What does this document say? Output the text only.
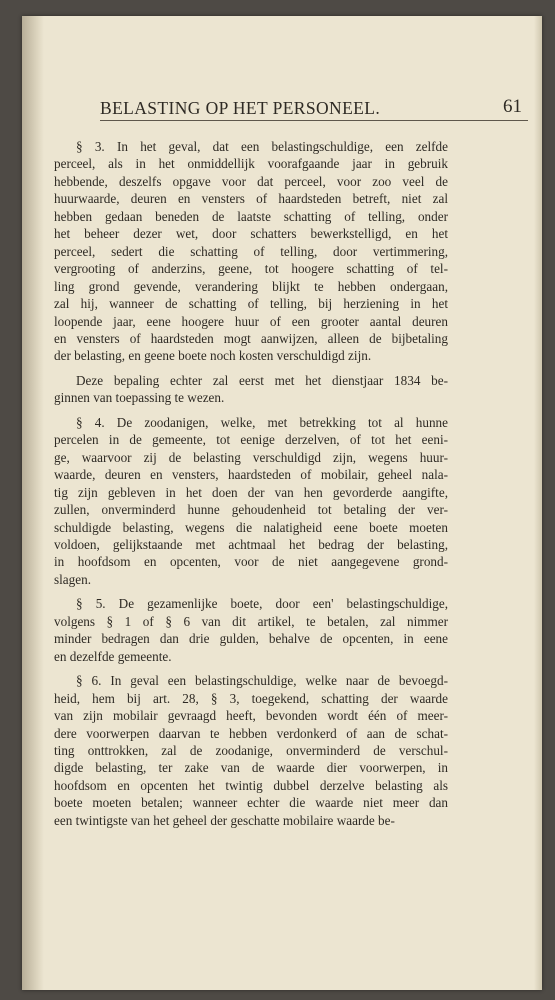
BELASTING OP HET PERSONEEL.	61

§ 3. In het geval, dat een belastingschuldige, een zelfde
perceel, als in het onmiddellijk voorafgaande jaar in gebruik
hebbende, deszelfs opgave voor dat perceel, voor zoo veel de
huurwaarde, deuren en vensters of haardsteden betreft, niet zal
hebben gedaan beneden de laatste schatting of telling, onder
het beheer dezer wet, door schatters bewerkstelligd, en het
perceel, sedert die schatting of telling, door vertimmering,
vergrooting of anderzins, geene, tot hoogere schatting of tel-
ling grond gevende, verandering blijkt te hebben ondergaan,
zal hij, wanneer de schatting of telling, bij herziening in het
loopende jaar, eene hoogere huur of een grooter aantal deuren
en vensters of haardsteden mogt aanwijzen, alleen de bijbetaling
der belasting, en geene boete noch kosten verschuldigd zijn.

Deze bepaling echter zal eerst met het dienstjaar 1834 be-
ginnen van toepassing te wezen.

§ 4. De zoodanigen, welke, met betrekking tot al hunne
percelen in de gemeente, tot eenige derzelven, of tot het eeni-
ge, waarvoor zij de belasting verschuldigd zijn, wegens huur-
waarde, deuren en vensters, haardsteden of mobilair, geheel nala-
tig zijn gebleven in het doen der van hen gevorderde aangifte,
zullen, onverminderd hunne gehoudenheid tot betaling der ver-
schuldigde belasting, wegens die nalatigheid eene boete moeten
voldoen, gelijkstaande met achtmaal het bedrag der belasting,
in hoofdsom en opcenten, voor de niet aangegevene grond-
slagen.

§ 5. De gezamenlijke boete, door een' belastingschuldige,
volgens § 1 of § 6 van dit artikel, te betalen, zal nimmer
minder bedragen dan drie gulden, behalve de opcenten, in eene
en dezelfde gemeente.

§ 6. In geval een belastingschuldige, welke naar de bevoegd-
heid, hem bij art. 28, § 3, toegekend, schatting der waarde
van zijn mobilair gevraagd heeft, bevonden wordt één of meer-
dere voorwerpen daarvan te hebben verdonkerd of aan de schat-
ting onttrokken, zal de zoodanige, onverminderd de verschul-
digde belasting, ter zake van de waarde dier voorwerpen, in
hoofdsom en opcenten het twintig dubbel derzelve belasting als
boete moeten betalen; wanneer echter die waarde niet meer dan
een twintigste van het geheel der geschatte mobilaire waarde be-
